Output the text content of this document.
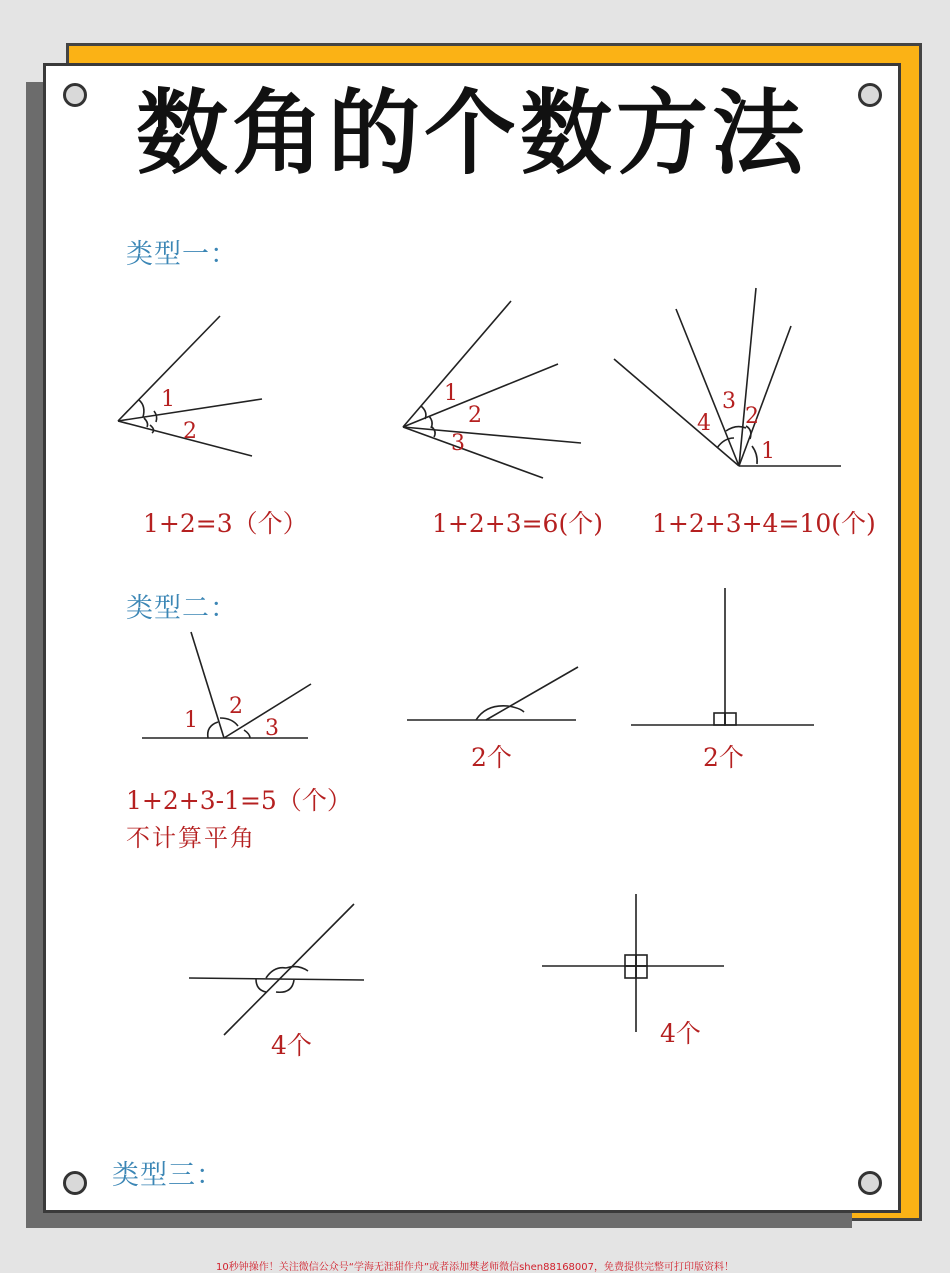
数角的个数方法
1
2
1
2
3	1
2
3
4
1
2
3
类型一：
1+2=3（个）	1+2+3=6(个) 1+2+3+4=10(个)
类型二：
2个	2个
1+2+3-1=5（个）
不计算平角
4个	4个
类型三：
10秒钟操作！关注微信公众号“学海无涯甜作舟”或者添加樊老师微信shen88168007，免费提供完整可打印版资料！
